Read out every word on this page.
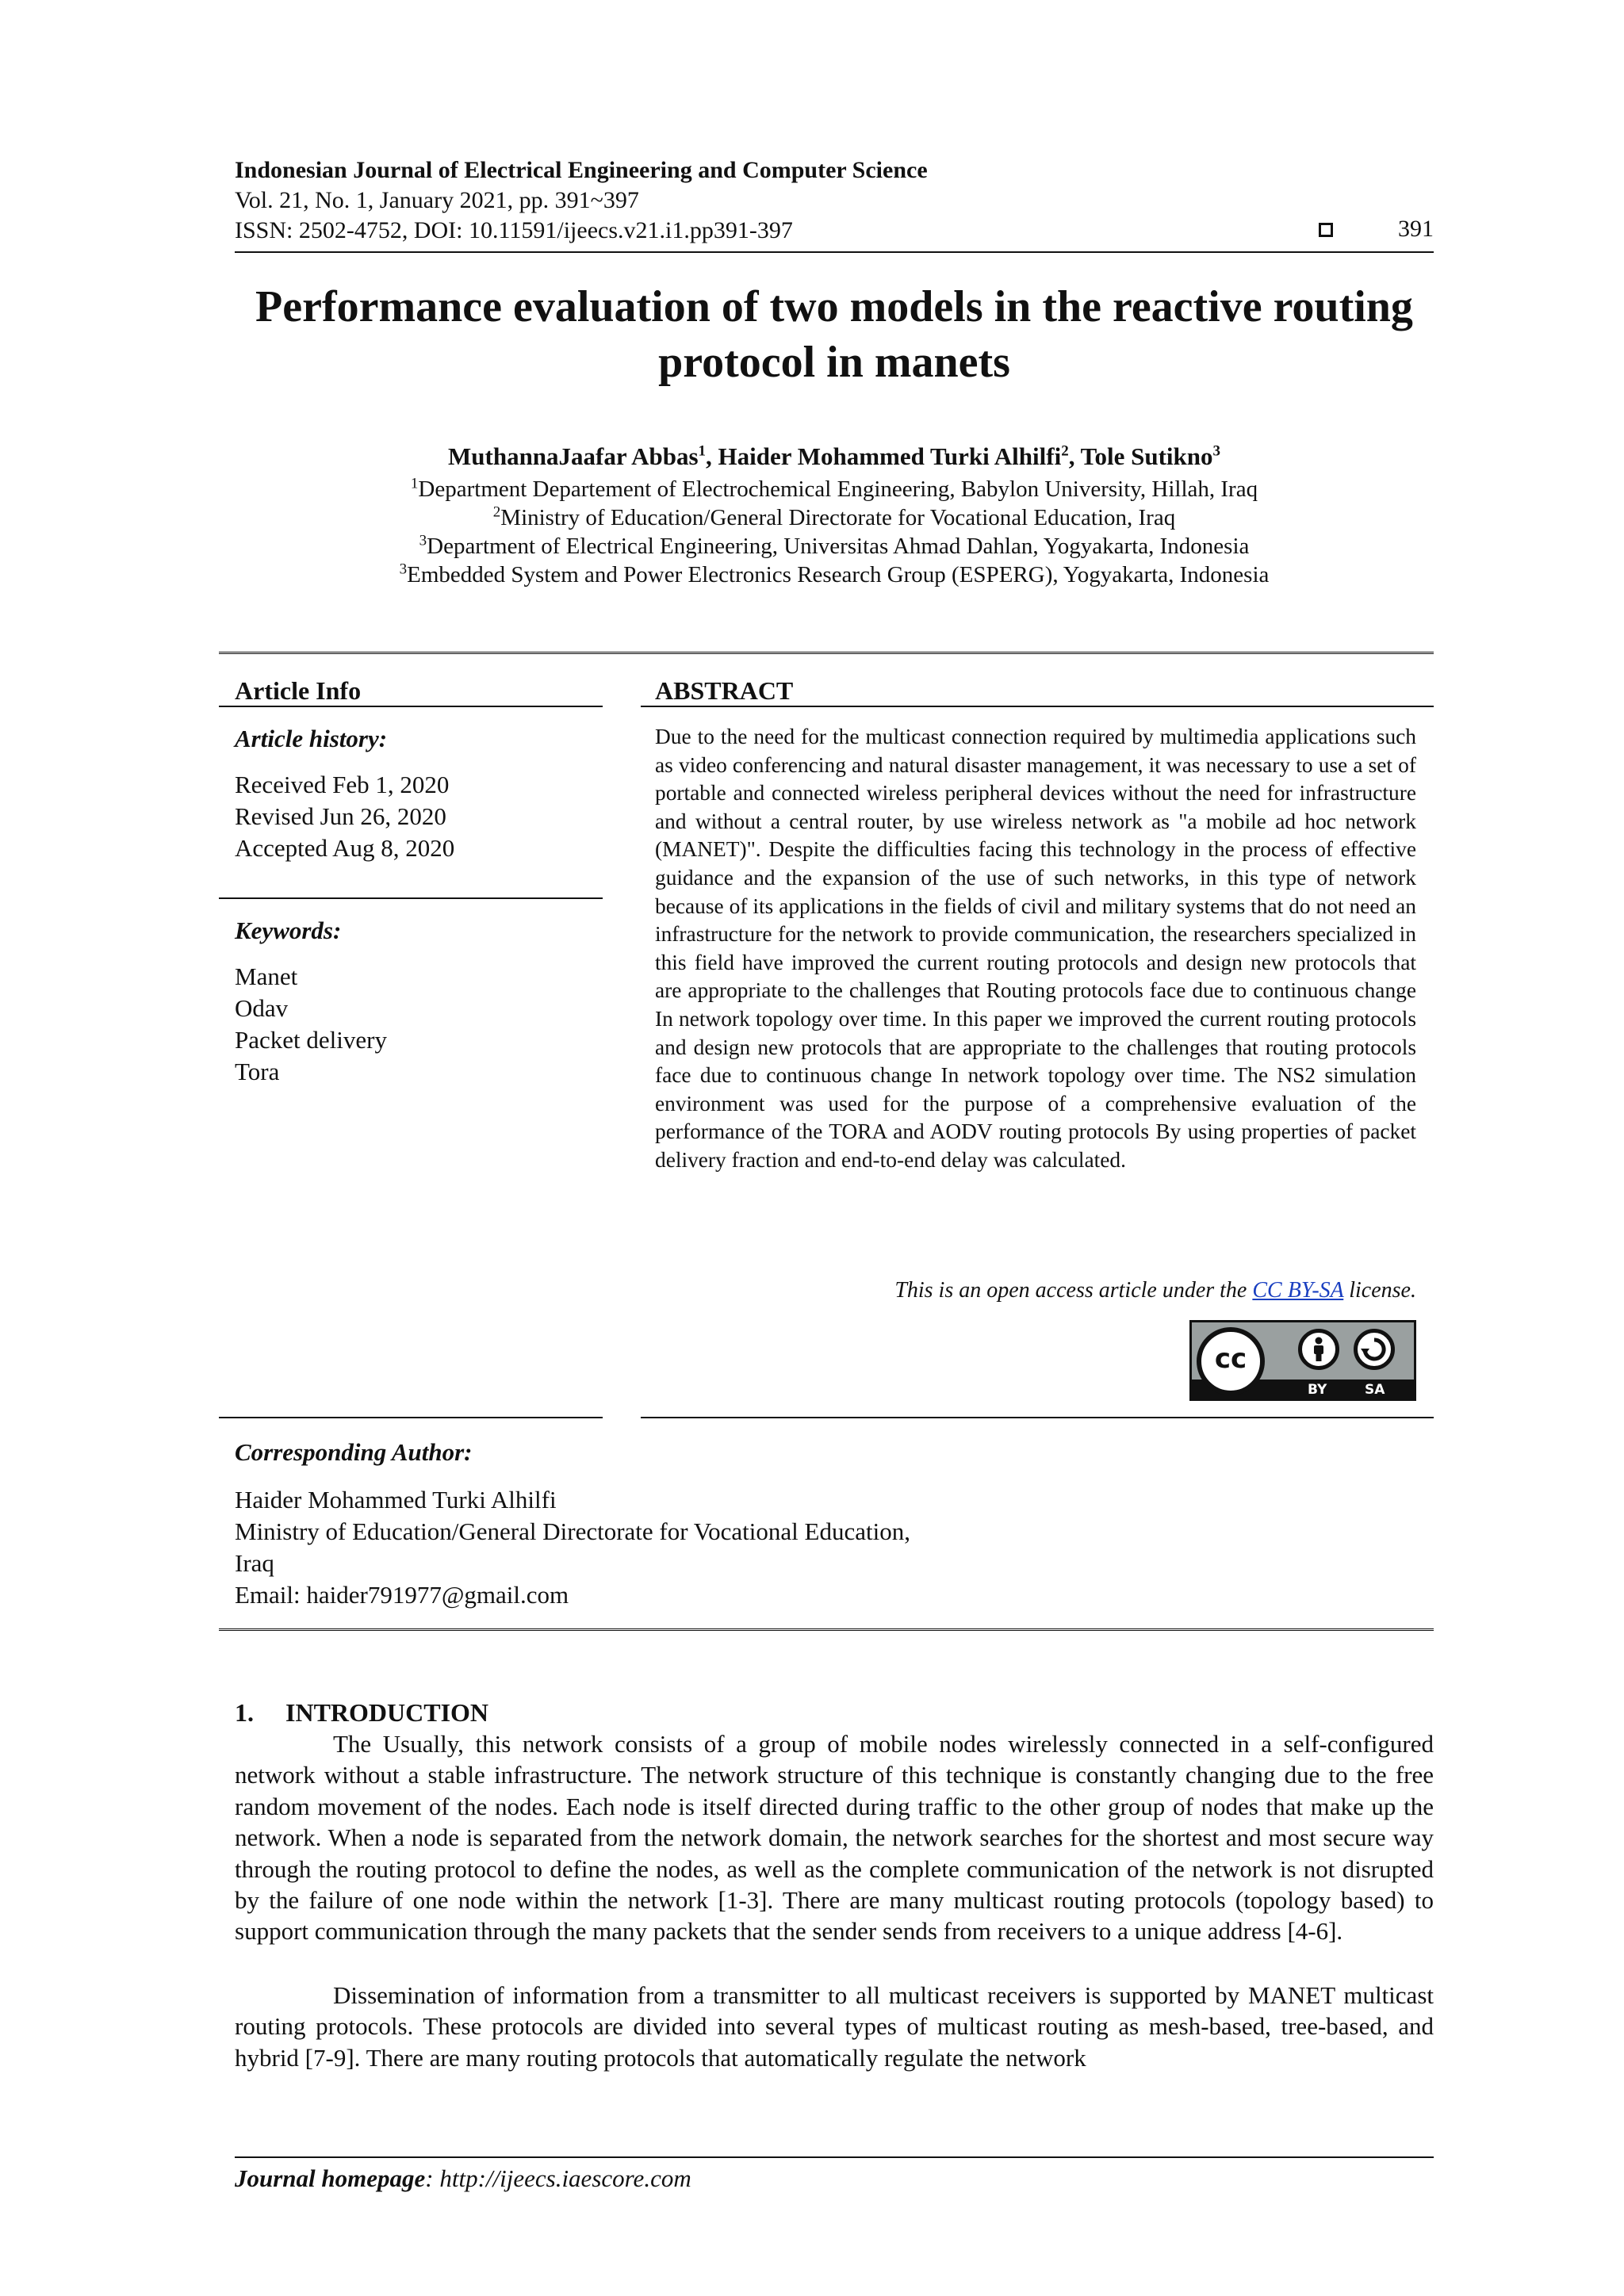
Indonesian Journal of Electrical Engineering and Computer Science
Vol. 21, No. 1, January 2021, pp. 391~397
ISSN: 2502-4752, DOI: 10.11591/ijeecs.v21.i1.pp391-397	391
Performance evaluation of two models in the reactive routing
protocol in manets
MuthannaJaafar Abbas$^1$, Haider Mohammed Turki Alhilfi$^2$, Tole Sutikno$^3$
$^1$Department Departement of Electrochemical Engineering, Babylon University, Hillah, Iraq
$^2$Ministry of Education/General Directorate for Vocational Education, Iraq
$^3$Department of Electrical Engineering, Universitas Ahmad Dahlan, Yogyakarta, Indonesia
$^3$Embedded System and Power Electronics Research Group (ESPERG), Yogyakarta, Indonesia
Article Info	ABSTRACT
Article history:
Received Feb 1, 2020
Revised Jun 26, 2020
Accepted Aug 8, 2020
Keywords:
Manet
Odav
Packet delivery
Tora
Due to the need for the multicast connection required by multimedia applications such as video conferencing and natural disaster management, it was necessary to use a set of portable and connected wireless peripheral devices without the need for infrastructure and without a central router, by use wireless network as "a mobile ad hoc network (MANET)". Despite the difficulties facing this technology in the process of effective guidance and the expansion of the use of such networks, in this type of network because of its applications in the fields of civil and military systems that do not need an infrastructure for the network to provide communication, the researchers specialized in this field have improved the current routing protocols and design new protocols that are appropriate to the challenges that Routing protocols face due to continuous change In network topology over time. In this paper we improved the current routing protocols and design new protocols that are appropriate to the challenges that routing protocols face due to continuous change In network topology over time. The NS2 simulation environment was used for the purpose of a comprehensive evaluation of the performance of the TORA and AODV routing protocols By using properties of packet delivery fraction and end-to-end delay was calculated.
This is an open access article under the CC BY-SA license.
cc
BY	SA
Corresponding Author:
Haider Mohammed Turki Alhilfi
Ministry of Education/General Directorate for Vocational Education,
Iraq
Email: haider791977@gmail.com
1.     INTRODUCTION
The Usually, this network consists of a group of mobile nodes wirelessly connected in a self-configured network without a stable infrastructure. The network structure of this technique is constantly changing due to the free random movement of the nodes. Each node is itself directed during traffic to the other group of nodes that make up the network. When a node is separated from the network domain, the network searches for the shortest and most secure way through the routing protocol to define the nodes, as well as the complete communication of the network is not disrupted by the failure of one node within the network [1-3]. There are many multicast routing protocols (topology based) to support communication through the many packets that the sender sends from receivers to a unique address [4-6].
Dissemination of information from a transmitter to all multicast receivers is supported by MANET multicast routing protocols. These protocols are divided into several types of multicast routing as mesh-based, tree-based, and hybrid [7-9]. There are many routing protocols that automatically regulate the network
Journal homepage: http://ijeecs.iaescore.com
